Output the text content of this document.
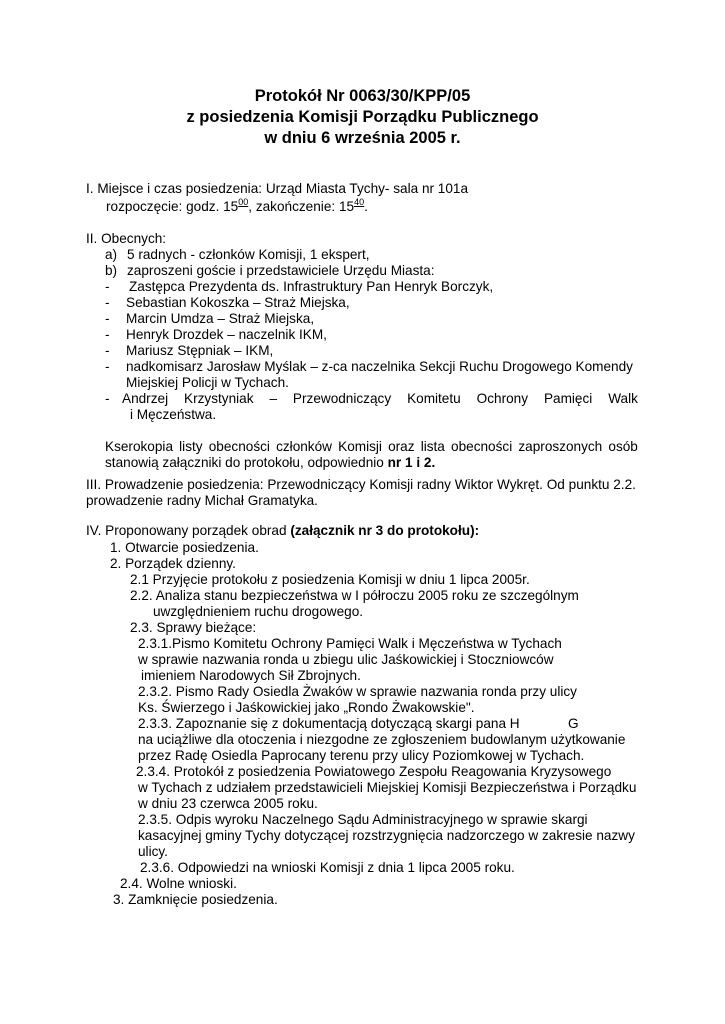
Protokół Nr 0063/30/KPP/05
z posiedzenia Komisji Porządku Publicznego
w dniu 6 września 2005 r.
I. Miejsce i czas posiedzenia: Urząd Miasta Tychy- sala nr 101a
rozpoczęcie: godz. $15^{00}$, zakończenie: $15^{40}$.
II. Obecnych:
a) 5 radnych - członków Komisji, 1 ekspert,
b) zaproszeni goście i przedstawiciele Urzędu Miasta:
- Zastępca Prezydenta ds. Infrastruktury Pan Henryk Borczyk,
- Sebastian Kokoszka – Straż Miejska,
- Marcin Umdza – Straż Miejska,
- Henryk Drozdek – naczelnik IKM,
- Mariusz Stępniak – IKM,
- nadkomisarz Jarosław Myślak – z-ca naczelnika Sekcji Ruchu Drogowego Komendy
Miejskiej Policji w Tychach.
- Andrzej Krzystyniak – Przewodniczący Komitetu Ochrony Pamięci Walk
i Męczeństwa.
Kserokopia listy obecności członków Komisji oraz lista obecności zaproszonych osób
stanowią załączniki do protokołu, odpowiednio nr 1 i 2.
III. Prowadzenie posiedzenia: Przewodniczący Komisji radny Wiktor Wykręt. Od punktu 2.2.
prowadzenie radny Michał Gramatyka.
IV. Proponowany porządek obrad (załącznik nr 3 do protokołu):
1. Otwarcie posiedzenia.
2. Porządek dzienny.
2.1 Przyjęcie protokołu z posiedzenia Komisji w dniu 1 lipca 2005r.
2.2. Analiza stanu bezpieczeństwa w I półroczu 2005 roku ze szczególnym
uwzględnieniem ruchu drogowego.
2.3. Sprawy bieżące:
2.3.1.Pismo Komitetu Ochrony Pamięci Walk i Męczeństwa w Tychach
w sprawie nazwania ronda u zbiegu ulic Jaśkowickiej i Stoczniowców
imieniem Narodowych Sił Zbrojnych.
2.3.2. Pismo Rady Osiedla Żwaków w sprawie nazwania ronda przy ulicy
Ks. Świerzego i Jaśkowickiej jako „Rondo Żwakowskie".
2.3.3. Zapoznanie się z dokumentacją dotyczącą skargi pana H	G
na uciążliwe dla otoczenia i niezgodne ze zgłoszeniem budowlanym użytkowanie
przez Radę Osiedla Paprocany terenu przy ulicy Poziomkowej w Tychach.
2.3.4. Protokół z posiedzenia Powiatowego Zespołu Reagowania Kryzysowego
w Tychach z udziałem przedstawicieli Miejskiej Komisji Bezpieczeństwa i Porządku
w dniu 23 czerwca 2005 roku.
2.3.5. Odpis wyroku Naczelnego Sądu Administracyjnego w sprawie skargi
kasacyjnej gminy Tychy dotyczącej rozstrzygnięcia nadzorczego w zakresie nazwy
ulicy.
2.3.6. Odpowiedzi na wnioski Komisji z dnia 1 lipca 2005 roku.
2.4. Wolne wnioski.
3. Zamknięcie posiedzenia.
